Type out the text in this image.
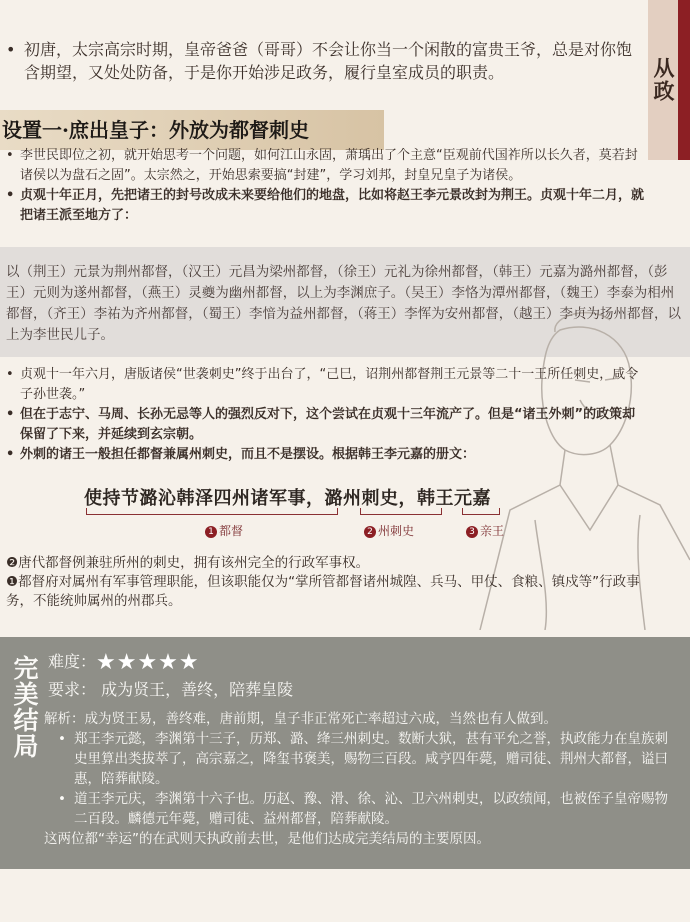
从政
• 初唐，太宗高宗时期，皇帝爸爸（哥哥）不会让你当一个闲散的富贵王爷，总是对你饱含期望，又处处防备，于是你开始涉足政务，履行皇室成员的职责。
设置一·庶出皇子：外放为都督刺史
• 李世民即位之初，就开始思考一个问题，如何江山永固，萧瑀出了个主意“臣观前代国祚所以长久者，莫若封诸侯以为盘石之固”。太宗然之，开始思索要搞“封建”，学习刘邦，封皇兄皇子为诸侯。
• 贞观十年正月，先把诸王的封号改成未来要给他们的地盘，比如将赵王李元景改封为荆王。贞观十年二月，就把诸王派至地方了：
以（荆王）元景为荆州都督，（汉王）元昌为梁州都督，（徐王）元礼为徐州都督，（韩王）元嘉为潞州都督，（彭王）元则为遂州都督，（燕王）灵夔为幽州都督，以上为李渊庶子。（吴王）李恪为潭州都督，（魏王）李泰为相州都督，（齐王）李祐为齐州都督，（蜀王）李愔为益州都督，（蒋王）李恽为安州都督，（越王）李贞为扬州都督，以上为李世民儿子。
• 贞观十一年六月，唐版诸侯“世袭刺史”终于出台了，“己巳，诏荆州都督荆王元景等二十一王所任刺史，咸令子孙世袭。”
• 但在于志宁、马周、长孙无忌等人的强烈反对下，这个尝试在贞观十三年流产了。但是“诸王外刺”的政策却保留了下来，并延续到玄宗朝。
• 外刺的诸王一般担任都督兼属州刺史，而且不是摆设。根据韩王李元嘉的册文：
使持节潞沁韩泽四州诸军事，潞州刺史，韩王元嘉
1 都督	2 州刺史	3 亲王
❷唐代都督例兼驻所州的刺史，拥有该州完全的行政军事权。
❶都督府对属州有军事管理职能，但该职能仅为“掌所管都督诸州城隍、兵马、甲仗、食粮、镇戍等”行政事务，不能统帅属州的州郡兵。
完美结局 难度：★★★★★
要求： 成为贤王，善终，陪葬皇陵
解析：成为贤王易，善终难，唐前期，皇子非正常死亡率超过六成，当然也有人做到。
• 郑王李元懿，李渊第十三子，历郑、潞、绛三州刺史。数断大狱，甚有平允之誉，执政能力在皇族刺史里算出类拔萃了，高宗嘉之，降玺书褒美，赐物三百段。咸亨四年薨，赠司徒、荆州大都督，谥曰惠，陪葬献陵。
• 道王李元庆，李渊第十六子也。历赵、豫、滑、徐、沁、卫六州刺史，以政绩闻，也被侄子皇帝赐物二百段。麟德元年薨，赠司徒、益州都督，陪葬献陵。
这两位都“幸运”的在武则天执政前去世，是他们达成完美结局的主要原因。
